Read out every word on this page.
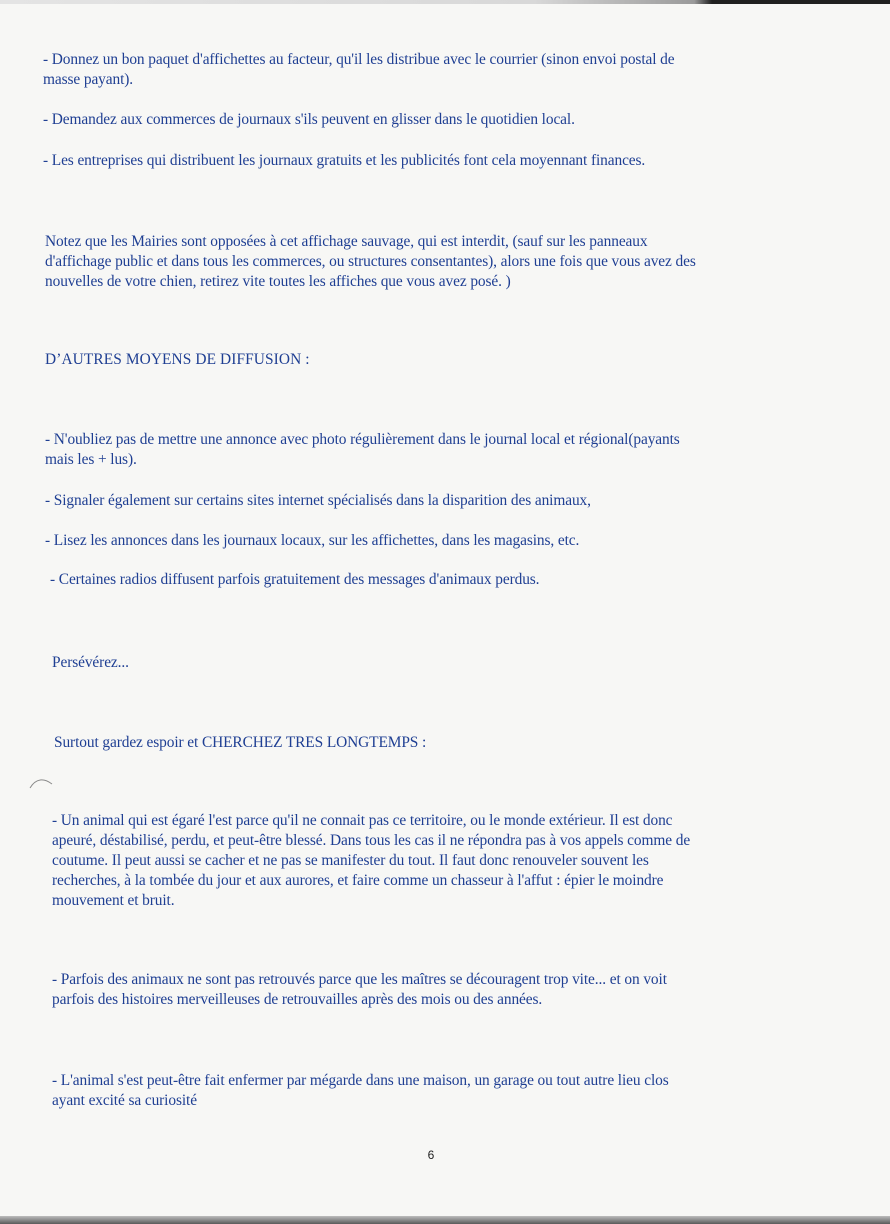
- Donnez un bon paquet d'affichettes au facteur, qu'il les distribue avec le courrier (sinon envoi postal de
masse payant).

- Demandez aux commerces de journaux s'ils peuvent en glisser dans le quotidien local.

- Les entreprises qui distribuent les journaux gratuits et les publicités font cela moyennant finances.

Notez que les Mairies sont opposées à cet affichage sauvage, qui est interdit, (sauf sur les panneaux
d'affichage public et dans tous les commerces, ou structures consentantes), alors une fois que vous avez des
nouvelles de votre chien, retirez vite toutes les affiches que vous avez posé. )

D’AUTRES MOYENS DE DIFFUSION :

- N'oubliez pas de mettre une annonce avec photo régulièrement dans le journal local et régional(payants
mais les + lus).

- Signaler également sur certains sites internet spécialisés dans la disparition des animaux,

- Lisez les annonces dans les journaux locaux, sur les affichettes, dans les magasins, etc.

- Certaines radios diffusent parfois gratuitement des messages d'animaux perdus.

Persévérez...

Surtout gardez espoir et CHERCHEZ TRES LONGTEMPS :

- Un animal qui est égaré l'est parce qu'il ne connait pas ce territoire, ou le monde extérieur. Il est donc
apeuré, déstabilisé, perdu, et peut-être blessé. Dans tous les cas il ne répondra pas à vos appels comme de
coutume. Il peut aussi se cacher et ne pas se manifester du tout. Il faut donc renouveler souvent les
recherches, à la tombée du jour et aux aurores, et faire comme un chasseur à l'affut : épier le moindre
mouvement et bruit.

- Parfois des animaux ne sont pas retrouvés parce que les maîtres se découragent trop vite... et on voit
parfois des histoires merveilleuses de retrouvailles après des mois ou des années.

- L'animal s'est peut-être fait enfermer par mégarde dans une maison, un garage ou tout autre lieu clos
ayant excité sa curiosité

6
